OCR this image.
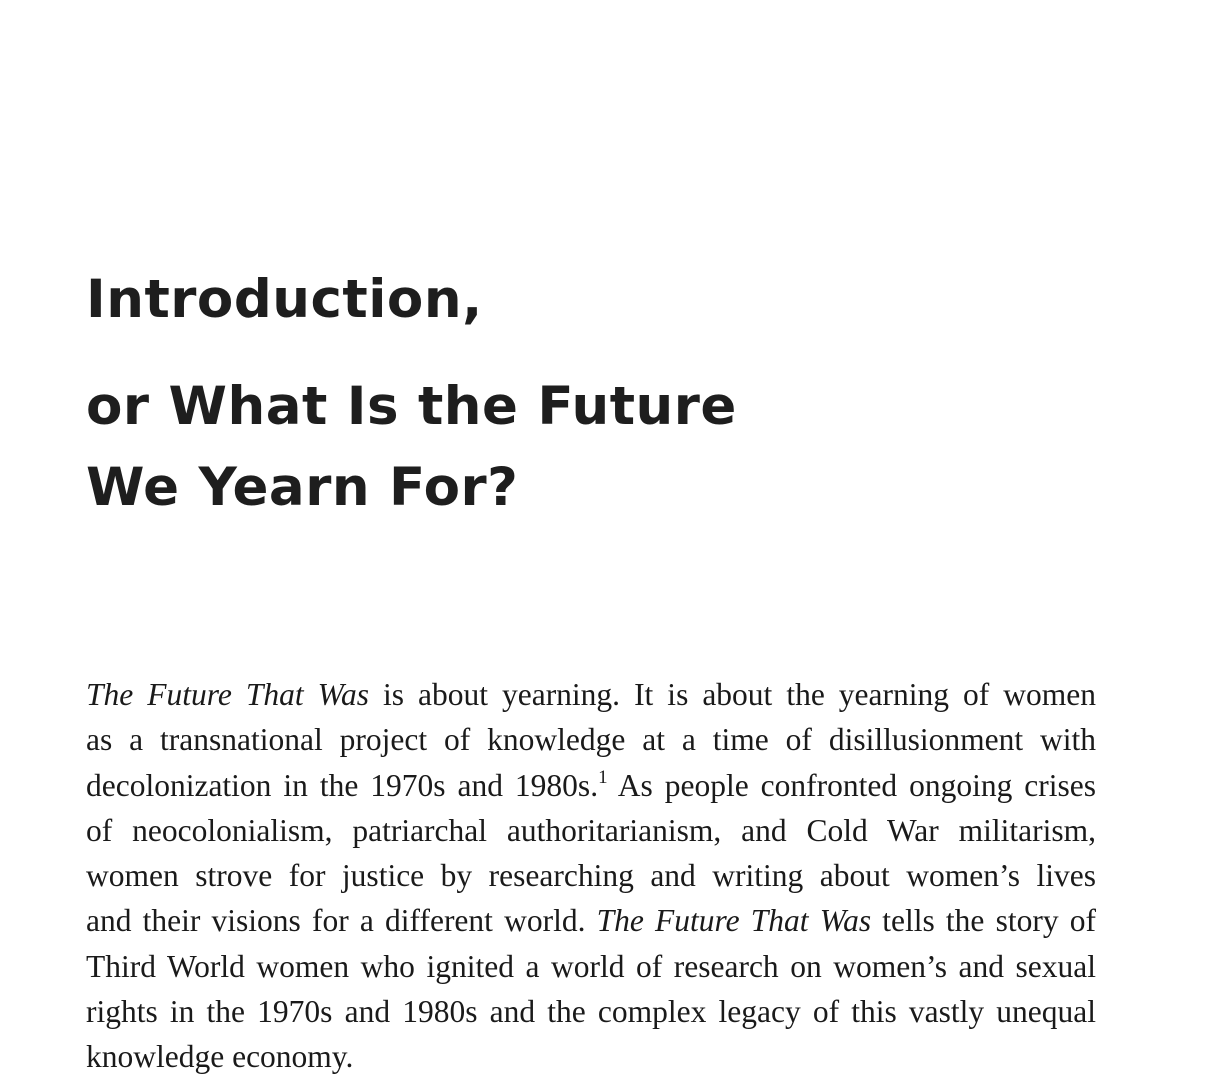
Introduction,
or What Is the Future
We Yearn For?
The Future That Was is about yearning. It is about the yearning of women
as a transnational project of knowledge at a time of disillusionment with
decolonization in the 1970s and 1980s.$^1$ As people confronted ongoing crises
of neocolonialism, patriarchal authoritarianism, and Cold War militarism,
women strove for justice by researching and writing about women’s lives
and their visions for a different world. The Future That Was tells the story of
Third World women who ignited a world of research on women’s and sexual
rights in the 1970s and 1980s and the complex legacy of this vastly unequal
knowledge economy.
